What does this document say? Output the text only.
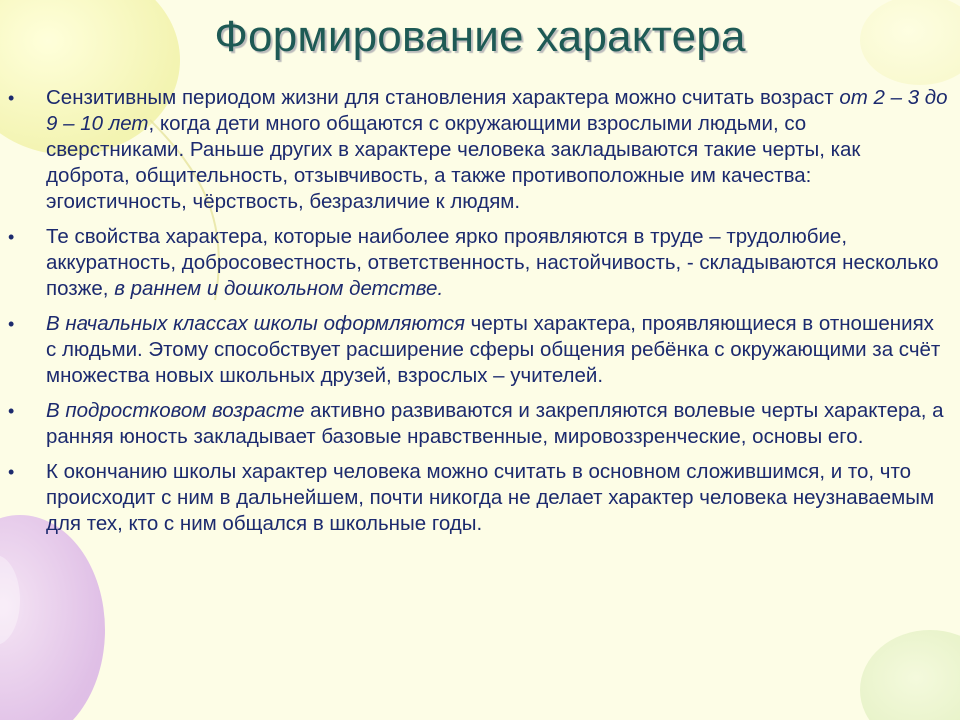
Формирование характера
•	Сензитивным периодом жизни для становления характера можно считать возраст от 2 – 3 до 9 – 10 лет, когда дети много общаются с окружающими взрослыми людьми, со сверстниками. Раньше других в характере человека закладываются такие черты, как доброта, общительность, отзывчивость, а также противоположные им качества: эгоистичность, чёрствость, безразличие к людям.
•	Те свойства характера, которые наиболее ярко проявляются в труде – трудолюбие, аккуратность, добросовестность, ответственность, настойчивость, - складываются несколько позже, в раннем и дошкольном детстве.
•	В начальных классах школы оформляются черты характера, проявляющиеся в отношениях с людьми. Этому способствует расширение сферы общения ребёнка с окружающими за счёт множества новых школьных друзей, взрослых – учителей.
•	В подростковом возрасте активно развиваются и закрепляются волевые черты характера, а ранняя юность закладывает базовые нравственные, мировоззренческие, основы его.
•	К окончанию школы характер человека можно считать в основном сложившимся, и то, что происходит с ним в дальнейшем, почти никогда не делает характер человека неузнаваемым для тех, кто с ним общался в школьные годы.
